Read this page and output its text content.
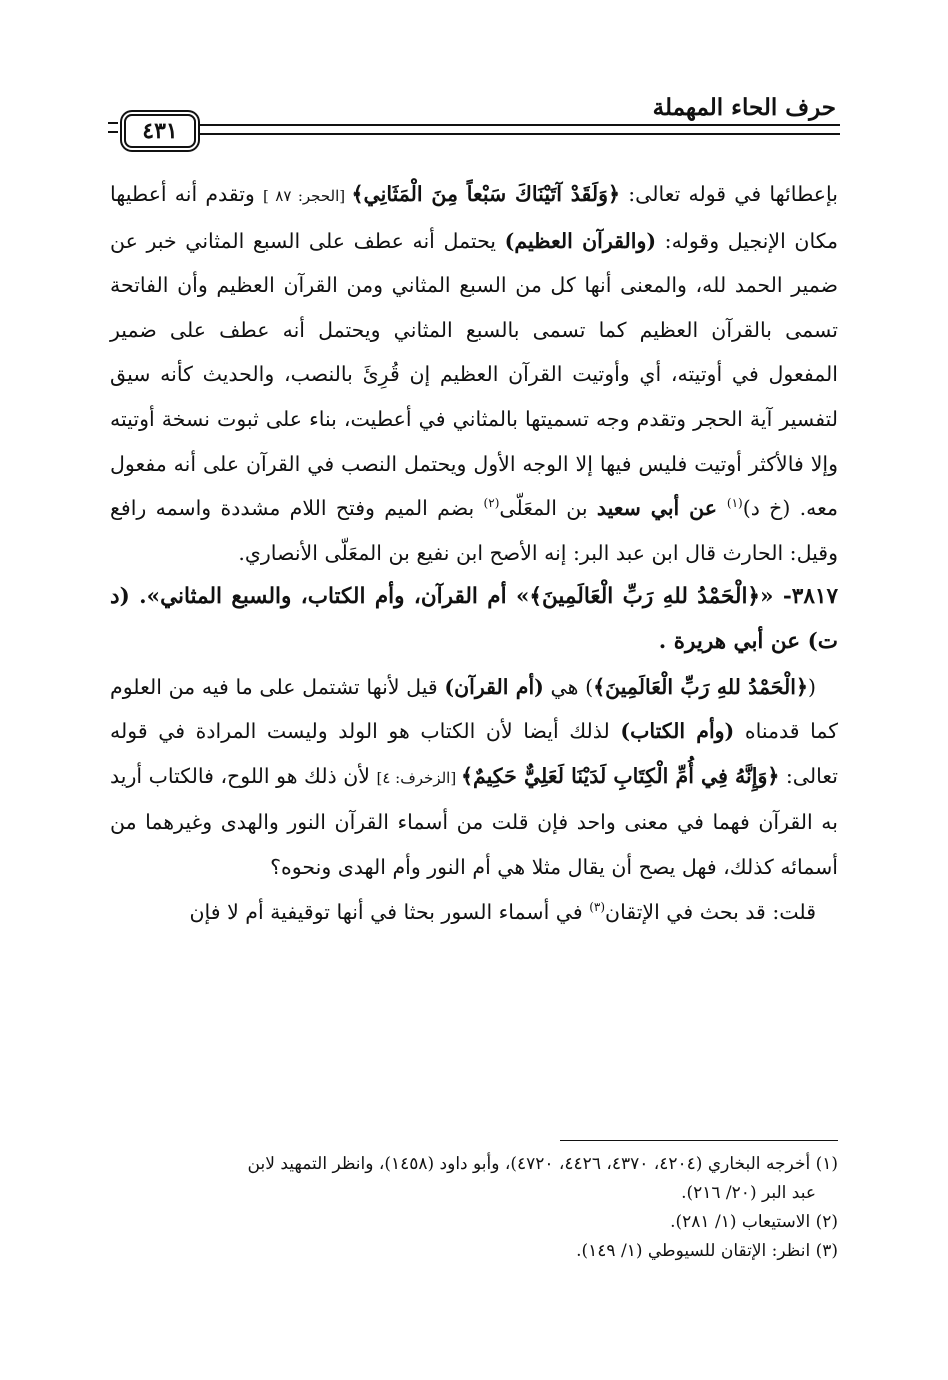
حرف الحاء المهملة
٤٣١

بإعطائها في قوله تعالى: ﴿وَلَقَدْ آتَيْنَاكَ سَبْعاً مِنَ الْمَثَانِي﴾ [الحجر: ٨٧ ] وتقدم أنه أعطيها مكان الإنجيل وقوله: (والقرآن العظيم) يحتمل أنه عطف على السبع المثاني خبر عن ضمير الحمد لله، والمعنى أنها كل من السبع المثاني ومن القرآن العظيم وأن الفاتحة تسمى بالقرآن العظيم كما تسمى بالسبع المثاني ويحتمل أنه عطف على ضمير المفعول في أوتيته، أي وأوتيت القرآن العظيم إن قُرِئَ بالنصب، والحديث كأنه سيق لتفسير آية الحجر وتقدم وجه تسميتها بالمثاني في أعطيت، بناء على ثبوت نسخة أوتيته وإلا فالأكثر أوتيت فليس فيها إلا الوجه الأول ويحتمل النصب في القرآن على أنه مفعول معه. (خ د)$^{(١)}$ عن أبي سعيد بن المعَلّى$^{(٢)}$ بضم الميم وفتح اللام مشددة واسمه رافع وقيل: الحارث قال ابن عبد البر: إنه الأصح ابن نفيع بن المعَلّى الأنصاري.

٣٨١٧- «﴿الْحَمْدُ للهِ رَبِّ الْعَالَمِينَ﴾» أم القرآن، وأم الكتاب، والسبع المثاني». (د ت) عن أبي هريرة .

(﴿الْحَمْدُ للهِ رَبِّ الْعَالَمِينَ﴾) هي (أم القرآن) قيل لأنها تشتمل على ما فيه من العلوم كما قدمناه (وأم الكتاب) لذلك أيضا لأن الكتاب هو الولد وليست المرادة في قوله تعالى: ﴿وَإِنَّهُ فِي أُمِّ الْكِتَابِ لَدَيْنَا لَعَلِيٌّ حَكِيمٌ﴾ [الزخرف: ٤] لأن ذلك هو اللوح، فالكتاب أريد به القرآن فهما في معنى واحد فإن قلت من أسماء القرآن النور والهدى وغيرهما من أسمائه كذلك، فهل يصح أن يقال مثلا هي أم النور وأم الهدى ونحوه؟

قلت: قد بحث في الإتقان$^{(٣)}$ في أسماء السور بحثا في أنها توقيفية أم لا فإن

(١) أخرجه البخاري (٤٢٠٤، ٤٣٧٠، ٤٤٢٦، ٤٧٢٠)، وأبو داود (١٤٥٨)، وانظر التمهيد لابن

عبد البر (٢٠/ ٢١٦).

(٢) الاستيعاب (١/ ٢٨١).

(٣) انظر: الإتقان للسيوطي (١/ ١٤٩).
